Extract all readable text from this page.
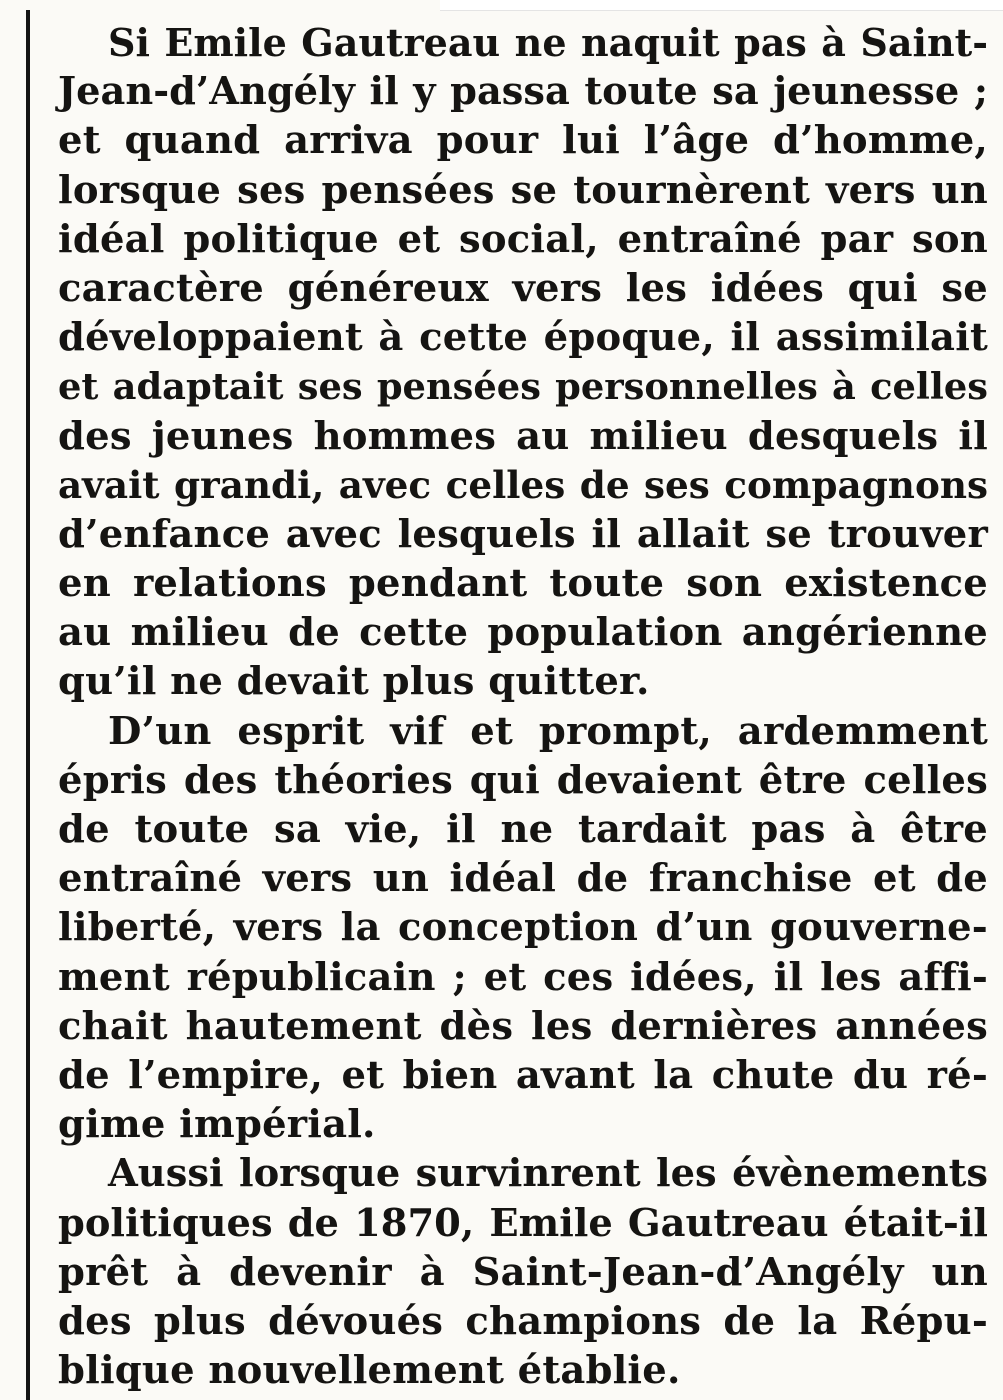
Si Emile Gautreau ne naquit pas à Saint-
Jean-d’Angély il y passa toute sa jeunesse ;
et quand arriva pour lui l’âge d’homme,
lorsque ses pensées se tournèrent vers un
idéal politique et social, entraîné par son
caractère généreux vers les idées qui se
développaient à cette époque, il assimilait
et adaptait ses pensées personnelles à celles
des jeunes hommes au milieu desquels il
avait grandi, avec celles de ses compagnons
d’enfance avec lesquels il allait se trouver
en relations pendant toute son existence
au milieu de cette population angérienne
qu’il ne devait plus quitter.

D’un esprit vif et prompt, ardemment
épris des théories qui devaient être celles
de toute sa vie, il ne tardait pas à être
entraîné vers un idéal de franchise et de
liberté, vers la conception d’un gouverne-
ment républicain ; et ces idées, il les affi-
chait hautement dès les dernières années
de l’empire, et bien avant la chute du ré-
gime impérial.

Aussi lorsque survinrent les évènements
politiques de 1870, Emile Gautreau était-il
prêt à devenir à Saint-Jean-d’Angély un
des plus dévoués champions de la Répu-
blique nouvellement établie.
